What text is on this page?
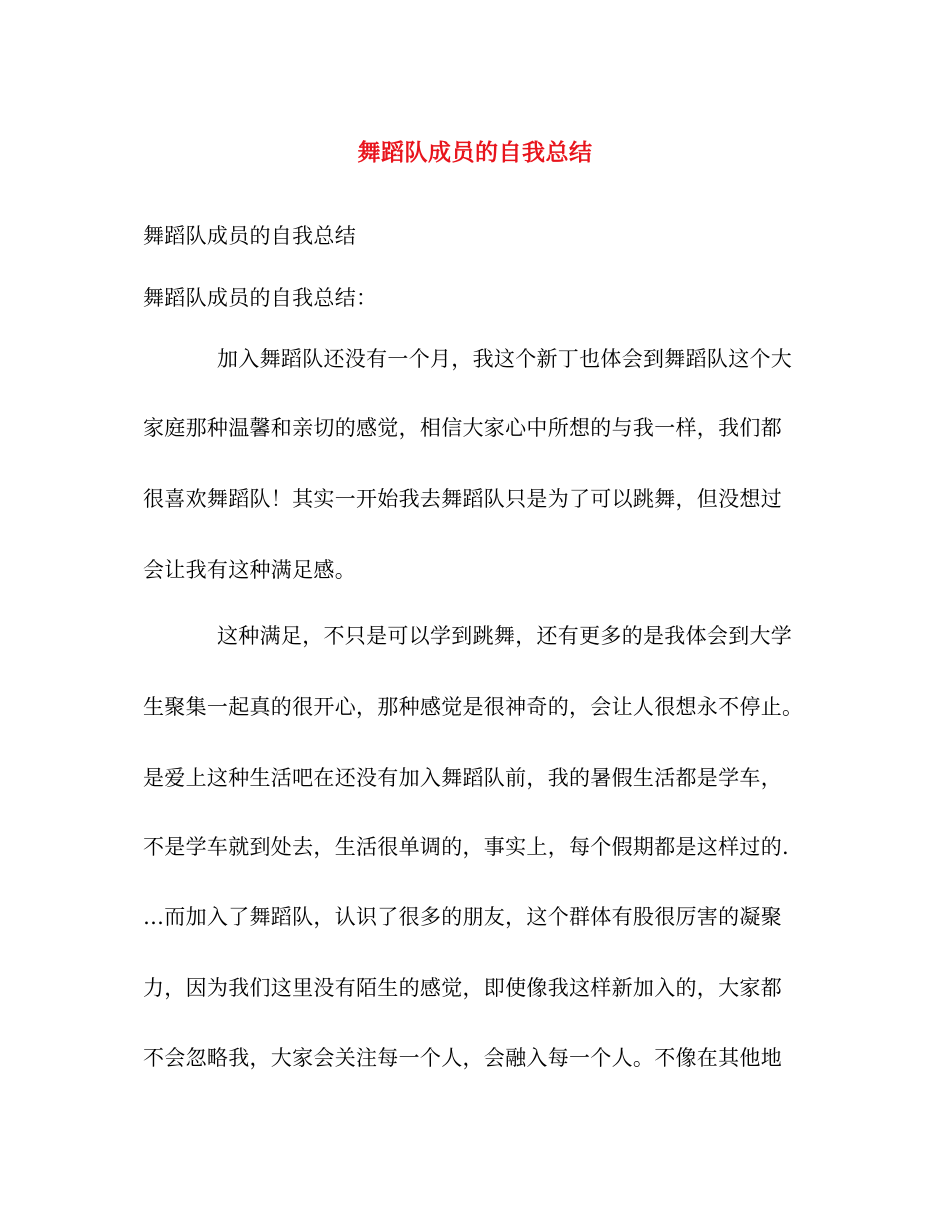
舞蹈队成员的自我总结
舞蹈队成员的自我总结
舞蹈队成员的自我总结：
加入舞蹈队还没有一个月，我这个新丁也体会到舞蹈队这个大
家庭那种温馨和亲切的感觉，相信大家心中所想的与我一样，我们都
很喜欢舞蹈队！其实一开始我去舞蹈队只是为了可以跳舞，但没想过
会让我有这种满足感。
这种满足，不只是可以学到跳舞，还有更多的是我体会到大学
生聚集一起真的很开心，那种感觉是很神奇的，会让人很想永不停止。
是爱上这种生活吧在还没有加入舞蹈队前，我的暑假生活都是学车，
不是学车就到处去，生活很单调的，事实上，每个假期都是这样过的.
…而加入了舞蹈队，认识了很多的朋友，这个群体有股很厉害的凝聚
力，因为我们这里没有陌生的感觉，即使像我这样新加入的，大家都
不会忽略我，大家会关注每一个人，会融入每一个人。不像在其他地
